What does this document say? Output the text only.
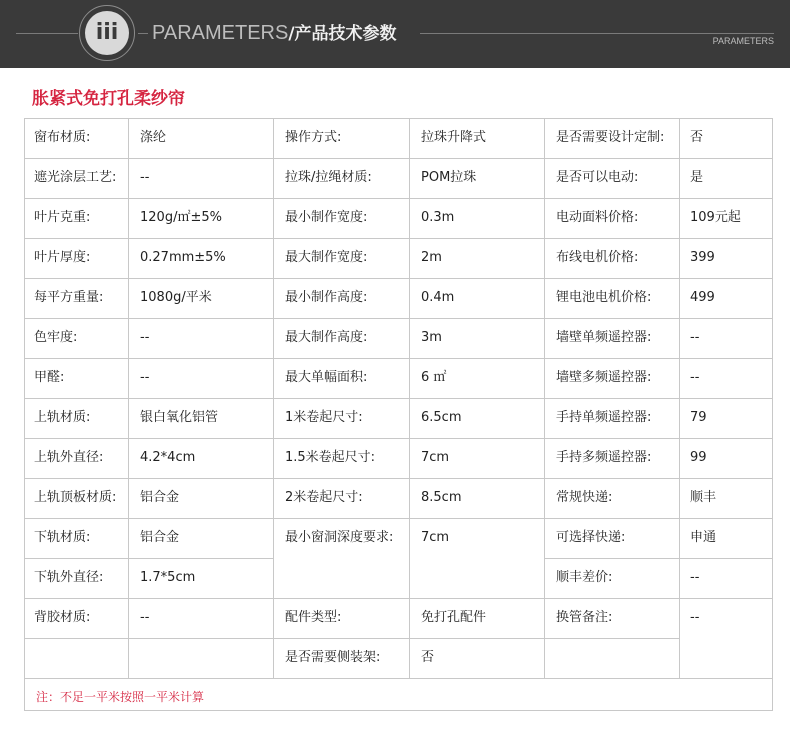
iii	PARAMETERS/产品技术参数	PARAMETERS
胀紧式免打孔柔纱帘
注：不足一平米按照一平米计算
窗布材质:	涤纶	操作方式:	拉珠升降式	是否需要设计定制: 否
遮光涂层工艺: --	拉珠/拉绳材质:	POM拉珠	是否可以电动:	是
叶片克重:	120g/㎡±5%	最小制作宽度:	0.3m	电动面料价格:	109元起
叶片厚度:	0.27mm±5%	最大制作宽度:	2m	布线电机价格:	399
每平方重量:	1080g/平米	最小制作高度:	0.4m	锂电池电机价格:	499
色牢度:	--	最大制作高度:	3m	墙壁单频遥控器:	--
甲醛:	--	最大单幅面积:	6 ㎡	墙壁多频遥控器:	--
上轨材质:	银白氧化铝管	1米卷起尺寸:	6.5cm	手持单频遥控器:	79
上轨外直径:	4.2*4cm	1.5米卷起尺寸:	7cm	手持多频遥控器:	99
上轨顶板材质: 铝合金	2米卷起尺寸:	8.5cm	常规快递:	顺丰
下轨材质:	铝合金	最小窗洞深度要求: 7cm	可选择快递:	申通
下轨外直径:	1.7*5cm	顺丰差价:	--
背胶材质:	--	配件类型:	免打孔配件	换管备注:	--
是否需要侧装架:	否
